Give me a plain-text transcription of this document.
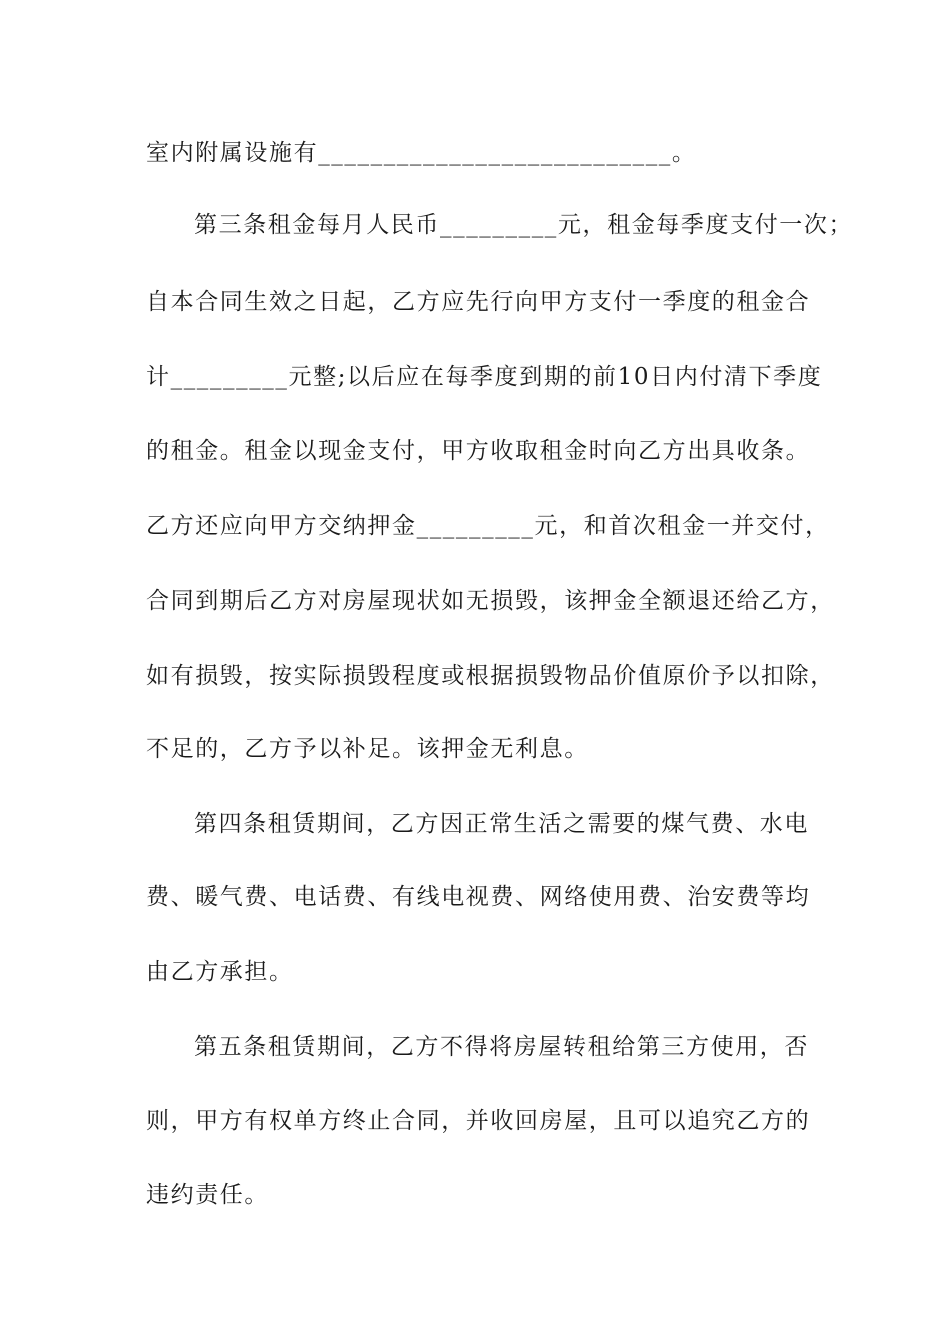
室内附属设施有___________________________。
第三条租金每月人民币_________元，租金每季度支付一次；
自本合同生效之日起，乙方应先行向甲方支付一季度的租金合
计_________元整;以后应在每季度到期的前10日内付清下季度
的租金。租金以现金支付，甲方收取租金时向乙方出具收条。
乙方还应向甲方交纳押金_________元，和首次租金一并交付，
合同到期后乙方对房屋现状如无损毁，该押金全额退还给乙方，
如有损毁，按实际损毁程度或根据损毁物品价值原价予以扣除，
不足的，乙方予以补足。该押金无利息。
第四条租赁期间，乙方因正常生活之需要的煤气费、水电
费、暖气费、电话费、有线电视费、网络使用费、治安费等均
由乙方承担。
第五条租赁期间，乙方不得将房屋转租给第三方使用，否
则，甲方有权单方终止合同，并收回房屋，且可以追究乙方的
违约责任。
